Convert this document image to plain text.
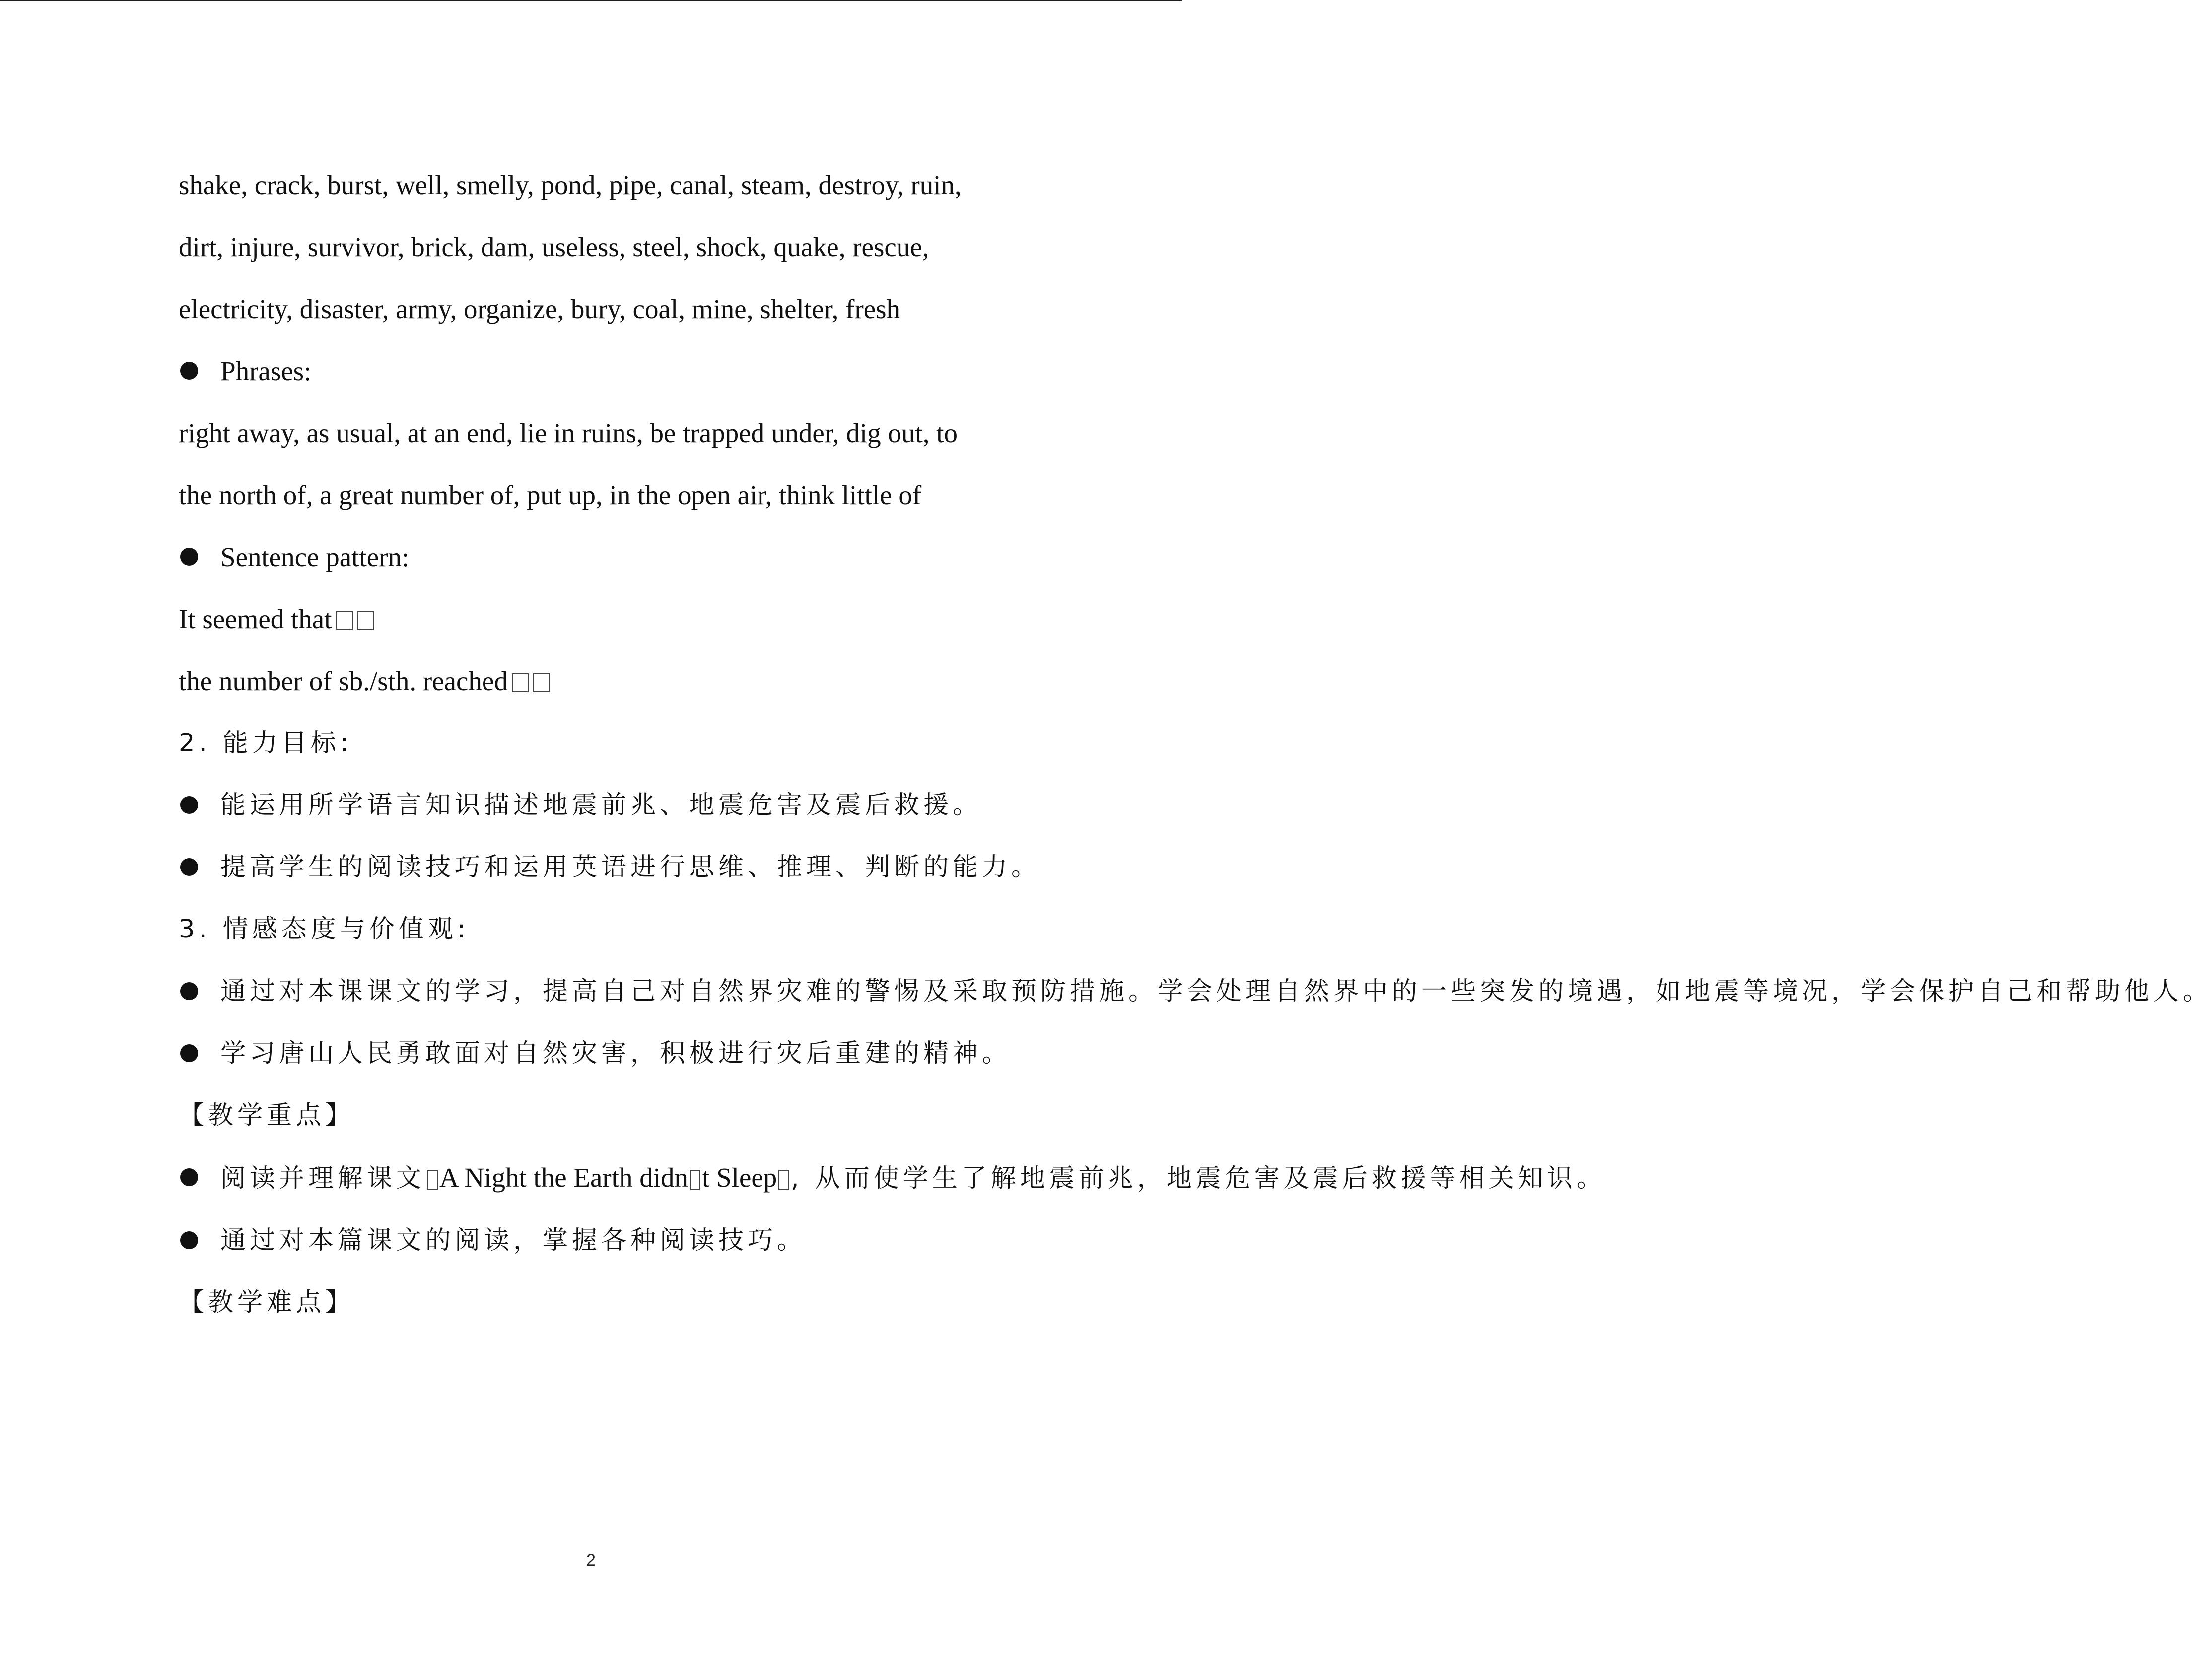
shake, crack, burst, well, smelly, pond, pipe, canal, steam, destroy, ruin,
dirt, injure, survivor, brick, dam, useless, steel, shock, quake, rescue,
electricity, disaster, army, organize, bury, coal, mine, shelter, fresh
Phrases:
right away, as usual, at an end, lie in ruins, be trapped under, dig out, to
the north of, a great number of, put up, in the open air, think little of
Sentence pattern:
It seemed that
the number of sb./sth. reached
2. 能力目标:
能运用所学语言知识描述地震前兆、地震危害及震后救援。
提高学生的阅读技巧和运用英语进行思维、推理、判断的能力。
3. 情感态度与价值观:
通过对本课课文的学习，提高自己对自然界灾难的警惕及采取预防措施。学会处理自然界中的一些突发的境遇，如地震等境况，学会保护自己和帮助他人。
学习唐山人民勇敢面对自然灾害，积极进行灾后重建的精神。
【教学重点】
阅读并理解课文 A Night the Earth didn t Sleep , 从而使学生了解地震前兆，地震危害及震后救援等相关知识。
通过对本篇课文的阅读，掌握各种阅读技巧。
【教学难点】
2
